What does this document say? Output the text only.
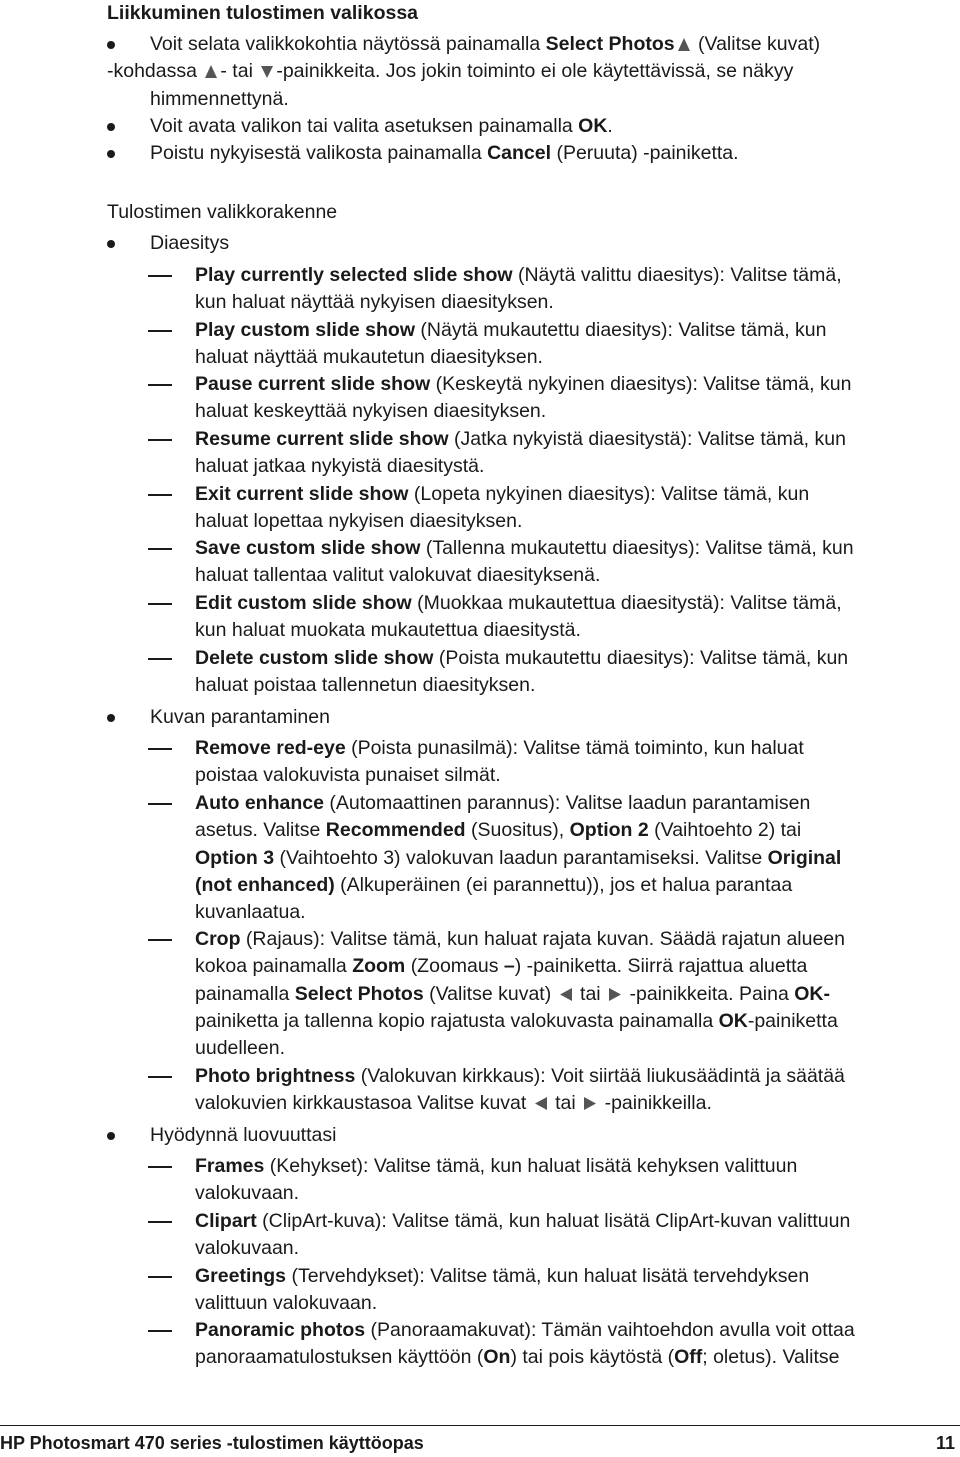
Liikkuminen tulostimen valikossa
Voit selata valikkokohtia näytössä painamalla Select Photos
(Valitse kuvat)
-kohdassa
- tai
-painikkeita. Jos jokin toiminto ei ole käytettävissä, se näkyy
himmennettynä.
Voit avata valikon tai valita asetuksen painamalla OK.
Poistu nykyisestä valikosta painamalla Cancel (Peruuta) -painiketta.
Tulostimen valikkorakenne
Diaesitys
Play currently selected slide show (Näytä valittu diaesitys): Valitse tämä,
kun haluat näyttää nykyisen diaesityksen.
Play custom slide show (Näytä mukautettu diaesitys): Valitse tämä, kun
haluat näyttää mukautetun diaesityksen.
Pause current slide show (Keskeytä nykyinen diaesitys): Valitse tämä, kun
haluat keskeyttää nykyisen diaesityksen.
Resume current slide show (Jatka nykyistä diaesitystä): Valitse tämä, kun
haluat jatkaa nykyistä diaesitystä.
Exit current slide show (Lopeta nykyinen diaesitys): Valitse tämä, kun
haluat lopettaa nykyisen diaesityksen.
Save custom slide show (Tallenna mukautettu diaesitys): Valitse tämä, kun
haluat tallentaa valitut valokuvat diaesityksenä.
Edit custom slide show (Muokkaa mukautettua diaesitystä): Valitse tämä,
kun haluat muokata mukautettua diaesitystä.
Delete custom slide show (Poista mukautettu diaesitys): Valitse tämä, kun
haluat poistaa tallennetun diaesityksen.
Kuvan parantaminen
Remove red-eye (Poista punasilmä): Valitse tämä toiminto, kun haluat
poistaa valokuvista punaiset silmät.
Auto enhance (Automaattinen parannus): Valitse laadun parantamisen
asetus. Valitse Recommended (Suositus), Option 2 (Vaihtoehto 2) tai
Option 3 (Vaihtoehto 3) valokuvan laadun parantamiseksi. Valitse Original
(not enhanced) (Alkuperäinen (ei parannettu)), jos et halua parantaa
kuvanlaatua.
Crop (Rajaus): Valitse tämä, kun haluat rajata kuvan. Säädä rajatun alueen
kokoa painamalla Zoom (Zoomaus –) -painiketta. Siirrä rajattua aluetta
painamalla Select Photos (Valitse kuvat)
tai
-painikkeita. Paina OK-
painiketta ja tallenna kopio rajatusta valokuvasta painamalla OK-painiketta
uudelleen.
Photo brightness (Valokuvan kirkkaus): Voit siirtää liukusäädintä ja säätää
valokuvien kirkkaustasoa Valitse kuvat
tai
-painikkeilla.
Hyödynnä luovuuttasi
Frames (Kehykset): Valitse tämä, kun haluat lisätä kehyksen valittuun
valokuvaan.
Clipart (ClipArt-kuva): Valitse tämä, kun haluat lisätä ClipArt-kuvan valittuun
valokuvaan.
Greetings (Tervehdykset): Valitse tämä, kun haluat lisätä tervehdyksen
valittuun valokuvaan.
Panoramic photos (Panoraamakuvat): Tämän vaihtoehdon avulla voit ottaa
panoraamatulostuksen käyttöön (On) tai pois käytöstä (Off; oletus). Valitse
HP Photosmart 470 series -tulostimen käyttöopas	11
